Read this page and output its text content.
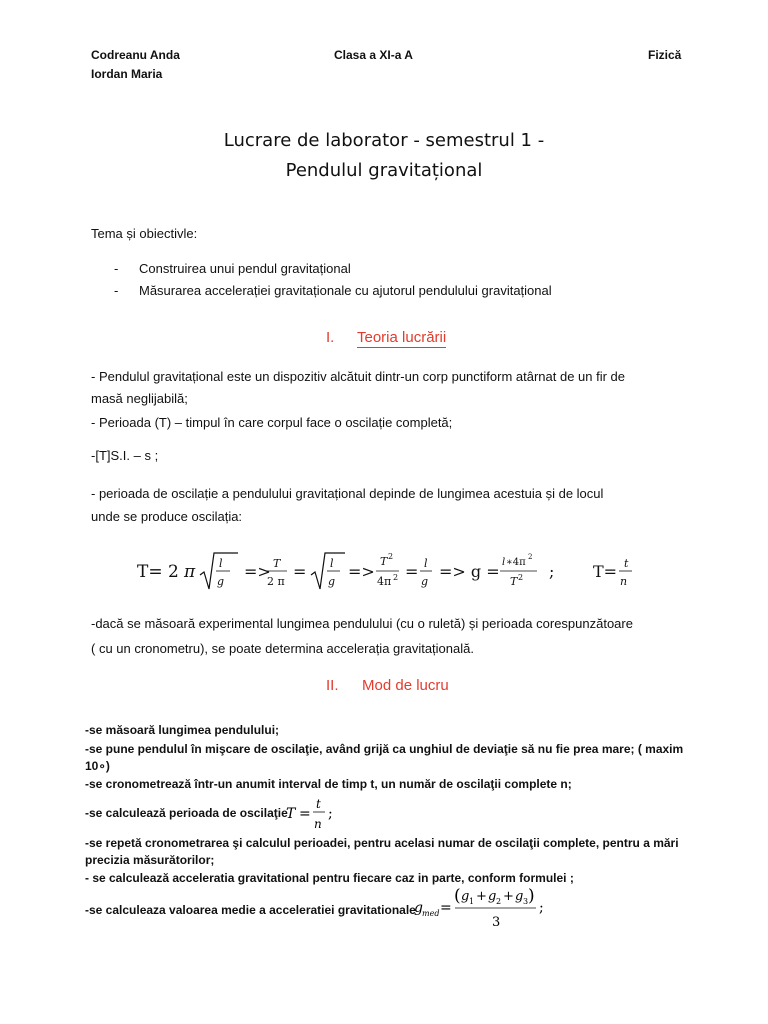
Codreanu Anda
Iordan Maria
Clasa a XI-a A	Fizică
Lucrare de laborator - semestrul 1 -
Pendulul gravitațional
Tema și obiectivle:
- Construirea unui pendul gravitațional
- Măsurarea accelerației gravitaționale cu ajutorul pendulului gravitațional
I. Teoria lucrării
- Pendulul gravitațional este un dispozitiv alcătuit dintr-un corp punctiform atârnat de un fir de
masă neglijabilă;
- Perioada (T) – timpul în care corpul face o oscilație completă;
-[T]S.I. – s ;
- perioada de oscilație a pendulului gravitațional depinde de lungimea acestuia și de locul
unde se produce oscilația:
T= 2 π l
g
=> T
2 π
= l
g
=>
T 2
4π 2 = l
g
=> g = l ∗4π 2
T 2 ; T= t
n
-dacă se măsoară experimental lungimea pendulului (cu o ruletă) și perioada corespunzătoare
( cu un cronometru), se poate determina accelerația gravitațională.
II. Mod de lucru
-se măsoară lungimea pendulului;
-se pune pendulul în mişcare de oscilaţie, având grijă ca unghiul de deviaţie să nu fie prea mare; ( maxim
10∘)
-se cronometrează într-un anumit interval de timp t, un număr de oscilaţii complete n;
-se calculează perioada de oscilaţie
T =
t
n
;
-se repetă cronometrarea şi calculul perioadei, pentru acelasi numar de oscilaţii complete, pentru a mări
precizia măsurătorilor;
- se calculează acceleratia gravitational pentru fiecare caz in parte, conform formulei ;
-se calculeaza valoarea medie a acceleratiei gravitationale
g med =
( g 1 + g 2 + g 3 )
3
;
